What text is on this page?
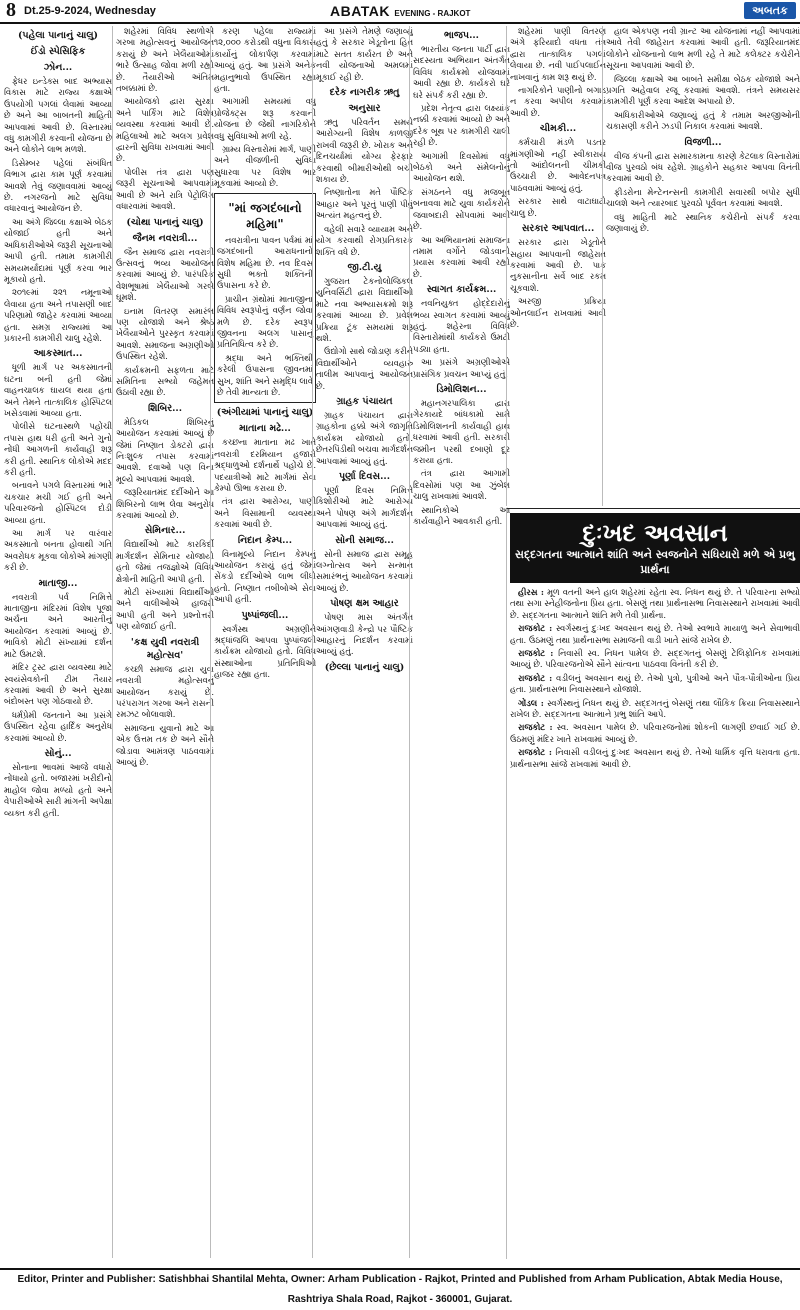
8 Dt.25-9-2024, Wednesday	ABATAK EVENING - RAJKOT	અબતક
(પહેલા પાનાનું ચાલુ)
ઈંડો સ્પેસિફિક
ઝોન...

ફેધર ઇન્ડેક્સ બાદ અભ્યાસ વિકાસ માટે રાજ્ય કક્ષાએ ઉપયોગી પગલાં લેવામાં આવ્યા છે અને આ બાબતની માહિતી આપવામાં આવી છે. વિસ્તારમાં વધુ કામગીરી કરવાની યોજના છે અને લોકોને લાભ મળશે.

ડિસેમ્બર પહેલાં સંબંધિત વિભાગ દ્વારા કામ પૂર્ણ કરવામાં આવશે તેવું જણાવવામાં આવ્યું છે. નગરજનો માટે સુવિધા વધારવાનું આયોજન છે.

આ અંગે જિલ્લા કક્ષાએ બેઠક યોજાઈ હતી અને અધિકારીઓએ જરૂરી સૂચનાઓ આપી હતી. તમામ કામગીરી સમયમર્યાદામાં પૂર્ણ કરવા ભાર મૂકાયો હતો.

૨૦૧૯માં ૨૨૧ નમૂનાઓ લેવાયા હતા અને તપાસણી બાદ પરિણામો જાહેર કરવામાં આવ્યા હતા. સમગ્ર રાજ્યમાં આ પ્રકારની કામગીરી ચાલુ રહેશે.

આકસ્માત...

ધૂળી માર્ગ પર અકસ્માતની ઘટના બની હતી જેમાં વાહનચાલક ઘાયલ થયા હતા અને તેમને તાત્કાલિક હોસ્પિટલ ખસેડવામાં આવ્યા હતા.

પોલીસે ઘટનાસ્થળે પહોંચી તપાસ હાથ ધરી હતી અને ગુનો નોંધી આગળની કાર્યવાહી શરૂ કરી હતી. સ્થાનિક લોકોએ મદદ કરી હતી.

બનાવને પગલે વિસ્તારમાં ભારે ચકચાર મચી ગઈ હતી અને પરિવારજનો હોસ્પિટલ દોડી આવ્યા હતા.

આ માર્ગ પર વારંવાર અકસ્માતો બનતા હોવાથી ગતિ અવરોધક મૂકવા લોકોએ માંગણી કરી છે.

માતાજી...

નવરાત્રી પર્વ નિમિત્તે માતાજીના મંદિરમાં વિશેષ પૂજા અર્ચના અને આરતીનું આયોજન કરવામાં આવ્યું છે. ભાવિકો મોટી સંખ્યામાં દર્શન માટે ઉમટશે.

મંદિર ટ્રસ્ટ દ્વારા વ્યવસ્થા માટે સ્વયંસેવકોની ટીમ તૈયાર કરવામાં આવી છે અને સુરક્ષા બંદોબસ્ત પણ ગોઠવાયો છે.

ધર્મપ્રેમી જનતાને આ પ્રસંગે ઉપસ્થિત રહેવા હાર્દિક અનુરોધ કરવામાં આવ્યો છે.

સોનું...

સોનાના ભાવમાં આજે વધારો નોંધાયો હતો. બજારમાં ખરીદીનો માહોલ જોવા મળ્યો હતો અને વેપારીઓએ સારી માંગની અપેક્ષા વ્યક્ત કરી હતી.

શહેરમાં વિવિધ સ્થળોએ ગરબા મહોત્સવનું આયોજન કરાયું છે અને ખેલૈયાઓમાં ભારે ઉત્સાહ જોવા મળી રહ્યો છે. તૈયારીઓ અંતિમ તબક્કામાં છે.

આયોજકો દ્વારા સુરક્ષા અને પાર્કિંગ માટે વિશેષ વ્યવસ્થા કરવામાં આવી છે. મહિલાઓ માટે અલગ પ્રવેશ દ્વારની સુવિધા રાખવામાં આવી છે.

પોલીસ તંત્ર દ્વારા પણ જરૂરી સૂચનાઓ આપવામાં આવી છે અને રાત્રિ પેટ્રોલિંગ વધારવામાં આવશે.

(ચોથા પાનાનું ચાલુ)
જૈનમ નવરાત્રી...

જૈન સમાજ દ્વારા નવરાત્રી ઉત્સવનું ભવ્ય આયોજન કરવામાં આવ્યું છે. પારંપરિક વેશભૂષામાં ખેલૈયાઓ ગરબે ઘૂમશે.

ઇનામ વિતરણ સમારંભ પણ યોજાશે અને શ્રેષ્ઠ ખેલૈયાઓને પુરસ્કૃત કરવામાં આવશે. સમાજના અગ્રણીઓ ઉપસ્થિત રહેશે.

કાર્યક્રમની સફળતા માટે સમિતિના સભ્યો જહેમત ઉઠાવી રહ્યા છે.

શિબિર...

મેડિકલ શિબિરનું આયોજન કરવામાં આવ્યું છે જેમાં નિષ્ણાત ડોક્ટરો દ્વારા નિઃશુલ્ક તપાસ કરવામાં આવશે. દવાઓ પણ વિના મૂલ્યે આપવામાં આવશે.

જરૂરિયાતમંદ દર્દીઓને આ શિબિરનો લાભ લેવા અનુરોધ કરવામાં આવ્યો છે.

સેમિનાર...

વિદ્યાર્થીઓ માટે કારકિર્દી માર્ગદર્શન સેમિનાર યોજાયો હતો જેમાં તજજ્ઞોએ વિવિધ ક્ષેત્રોની માહિતી આપી હતી.

મોટી સંખ્યામાં વિદ્યાર્થીઓ અને વાલીઓએ હાજરી આપી હતી અને પ્રશ્નોત્તરી પણ યોજાઈ હતી.

'કક્ષ યુવી નવરાત્રી મહોત્સવ'

કચ્છી સમાજ દ્વારા યુવા નવરાત્રી મહોત્સવનું આયોજન કરાયું છે. પરંપરાગત ગરબા અને રાસની રમઝટ બોલાવાશે.

સમાજના યુવાનો માટે આ એક ઉત્તમ તક છે અને સૌને જોડાવા આમંત્રણ પાઠવવામાં આવ્યું છે.

કરણ પહેલા રાજ્યમાં ૧૨,૦૦૦ કરોડથી વધુના વિકાસ કાર્યોનું લોકાર્પણ કરવામાં આવ્યું હતું. આ પ્રસંગે અનેક મહાનુભાવો ઉપસ્થિત રહ્યા હતા.

આગામી સમયમાં વધુ પ્રોજેક્ટ્સ શરૂ કરવાની યોજના છે જેથી નાગરિકોને વધુ સુવિધાઓ મળી રહે.

ગ્રામ્ય વિસ્તારોમાં માર્ગ, પાણી અને વીજળીની સુવિધા સુધારવા પર વિશેષ ભાર મૂકવામાં આવ્યો છે.

"માં જગદંબાનો મહિમા"

નવરાત્રીના પાવન પર્વમાં માં જગદંબાની આરાધનાનો વિશેષ મહિમા છે. નવ દિવસ સુધી ભક્તો શક્તિની ઉપાસના કરે છે.

પ્રાચીન ગ્રંથોમાં માતાજીના વિવિધ સ્વરૂપોનું વર્ણન જોવા મળે છે. દરેક સ્વરૂપ જીવનના અલગ પાસાનું પ્રતિનિધિત્વ કરે છે.

શ્રદ્ધા અને ભક્તિથી કરેલી ઉપાસના જીવનમાં સુખ, શાંતિ અને સમૃદ્ધિ લાવે છે તેવી માન્યતા છે.

(અંગીયામાં પાનાનું ચાલુ)
માતાના મઢે...

કચ્છના માતાના મઢ ખાતે નવરાત્રી દરમિયાન હજારો શ્રદ્ધાળુઓ દર્શનાર્થે પહોંચે છે. પદયાત્રીઓ માટે માર્ગમાં સેવા કેમ્પો ઊભા કરાયા છે.

તંત્ર દ્વારા આરોગ્ય, પાણી અને વિસામાની વ્યવસ્થા કરવામાં આવી છે.

નિદાન કેમ્પ...

વિનામૂલ્યે નિદાન કેમ્પનું આયોજન કરાયું હતું જેમાં સેંકડો દર્દીઓએ લાભ લીધો હતો. નિષ્ણાત તબીબોએ સેવા આપી હતી.

પુષ્પાંજલી...

સ્વર્ગસ્થ અગ્રણીને શ્રદ્ધાંજલિ આપવા પુષ્પાંજલી કાર્યક્રમ યોજાયો હતો. વિવિધ સંસ્થાઓના પ્રતિનિધિઓ હાજર રહ્યા હતા.

આ પ્રસંગે તેમણે જણાવ્યું હતું કે સરકાર ખેડૂતોના હિત માટે સતત કાર્યરત છે અને નવી યોજનાઓ અમલમાં મૂકાઈ રહી છે.

દરેક નાગરીક ઋતુ
અનુસાર

ઋતુ પરિવર્તન સમયે આરોગ્યની વિશેષ કાળજી રાખવી જરૂરી છે. ખોરાક અને દિનચર્યામાં યોગ્ય ફેરફાર કરવાથી બીમારીઓથી બચી શકાય છે.

નિષ્ણાતોના મતે પૌષ્ટિક આહાર અને પૂરતું પાણી પીવું અત્યંત મહત્વનું છે.

વહેલી સવારે વ્યાયામ અને યોગ કરવાથી રોગપ્રતિકારક શક્તિ વધે છે.

જી.ટી.યુ

ગુજરાત ટેકનોલોજિકલ યુનિવર્સિટી દ્વારા વિદ્યાર્થીઓ માટે નવા અભ્યાસક્રમો શરૂ કરવામાં આવ્યા છે. પ્રવેશ પ્રક્રિયા ટૂંક સમયમાં શરૂ થશે.

ઉદ્યોગો સાથે જોડાણ કરીને વિદ્યાર્થીઓને વ્યવહારુ તાલીમ આપવાનું આયોજન છે.

ગ્રાહક પંચાયત

ગ્રાહક પંચાયત દ્વારા ગ્રાહકોના હક્કો અંગે જાગૃતિ કાર્યક્રમ યોજાયો હતો. છેતરપિંડીથી બચવા માર્ગદર્શન આપવામાં આવ્યું હતું.

પૂર્ણા દિવસ...

પૂર્ણા દિવસ નિમિત્તે કિશોરીઓ માટે આરોગ્ય અને પોષણ અંગે માર્ગદર્શન આપવામાં આવ્યું હતું.

સોની સમાજ...

સોની સમાજ દ્વારા સમૂહ લગ્નોત્સવ અને સન્માન સમારંભનું આયોજન કરવામાં આવ્યું છે.

પોષણ ક્ષમ આહાર

પોષણ માસ અંતર્ગત આંગણવાડી કેન્દ્રો પર પૌષ્ટિક આહારનું નિદર્શન કરવામાં આવ્યું હતું.

(છેલ્લા પાનાનું ચાલુ)
ભાજપ...

ભારતીય જનતા પાર્ટી દ્વારા સદસ્યતા અભિયાન અંતર્ગત વિવિધ કાર્યક્રમો યોજવામાં આવી રહ્યા છે. કાર્યકરો ઘરે ઘરે સંપર્ક કરી રહ્યા છે.

પ્રદેશ નેતૃત્વ દ્વારા લક્ષ્યાંક નક્કી કરવામાં આવ્યો છે અને દરેક બૂથ પર કામગીરી ચાલી રહી છે.

આગામી દિવસોમાં વધુ બેઠકો અને સંમેલનોનું આયોજન થશે.

સંગઠનને વધુ મજબૂત બનાવવા માટે યુવા કાર્યકરોને જવાબદારી સોંપવામાં આવી છે.

આ અભિયાનમાં સમાજના તમામ વર્ગોને જોડવાનો પ્રયાસ કરવામાં આવી રહ્યો છે.

સ્વાગત કાર્યક્રમ...

નવનિયુક્ત હોદ્દેદારોનું ભવ્ય સ્વાગત કરવામાં આવ્યું હતું. શહેરના વિવિધ વિસ્તારોમાંથી કાર્યકરો ઉમટી પડ્યા હતા.

આ પ્રસંગે અગ્રણીઓએ પ્રાસંગિક પ્રવચન આપ્યું હતું.

ડિમોલિશન...

મહાનગરપાલિકા દ્વારા ગેરકાયદે બાંધકામો સામે ડિમોલિશનની કાર્યવાહી હાથ ધરવામાં આવી હતી. સરકારી જમીન પરથી દબાણો દૂર કરાયા હતા.

તંત્ર દ્વારા આગામી દિવસોમાં પણ આ ઝુંબેશ ચાલુ રાખવામાં આવશે.

સ્થાનિકોએ આ કાર્યવાહીને આવકારી હતી.

શહેરમાં પાણી વિતરણ અંગે ફરિયાદો વધતા તંત્ર દ્વારા તાત્કાલિક પગલાં લેવાયા છે. નવી પાઈપલાઈન નાખવાનું કામ શરૂ થયું છે.

નાગરિકોને પાણીનો બગાડ ન કરવા અપીલ કરવામાં આવી છે.

ચીમકી...

કર્મચારી મંડળે પડતર માંગણીઓ નહીં સ્વીકારાય તો આંદોલનની ચીમકી ઉચ્ચારી છે. આવેદનપત્ર પાઠવવામાં આવ્યું હતું.

સરકાર સાથે વાટાઘાટો ચાલુ છે.

સરકાર આપવાત...

સરકાર દ્વારા ખેડૂતોને સહાય આપવાની જાહેરાત કરવામાં આવી છે. પાક નુકસાનીના સર્વે બાદ રકમ ચૂકવાશે.

અરજી પ્રક્રિયા ઓનલાઈન રાખવામાં આવી છે.

હાલ એકપણ નવી ગ્રાન્ટ આ યોજનામાં નહીં આપવામાં આવે તેવી જાહેરાત કરવામાં આવી હતી. જરૂરિયાતમંદ લોકોને યોજનાનો લાભ મળી રહે તે માટે કલેક્ટર કચેરીને સૂચના આપવામાં આવી છે.

જિલ્લા કક્ષાએ આ બાબતે સમીક્ષા બેઠક યોજાશે અને પ્રગતિ અહેવાલ રજૂ કરવામાં આવશે. તંત્રને સમયસર કામગીરી પૂર્ણ કરવા આદેશ અપાયો છે.

અધિકારીઓએ જણાવ્યું હતું કે તમામ અરજીઓની ચકાસણી કરીને ઝડપી નિકાલ કરવામાં આવશે.

વિજળી...

વીજ કંપની દ્વારા સમારકામના કારણે કેટલાક વિસ્તારોમાં વીજ પુરવઠો બંધ રહેશે. ગ્રાહકોને સહકાર આપવા વિનંતી કરવામાં આવી છે.

ફીડરોના મેન્ટેનન્સની કામગીરી સવારથી બપોર સુધી ચાલશે અને ત્યારબાદ પુરવઠો પૂર્વવત કરવામાં આવશે.

વધુ માહિતી માટે સ્થાનિક કચેરીનો સંપર્ક કરવા જણાવાયું છે.

દુઃખદ અવસાન
સદ્દગતના આત્માને શાંતિ અને સ્વજનોને સધિયારો મળે એ પ્રભુ પ્રાર્થના

હીરસ : મૂળ વતની અને હાલ શહેરમાં રહેતા સ્વ. નિધન થયું છે. તે પરિવારના સભ્યો તથા સગા સ્નેહીજનોના પ્રિય હતા. બેસણું તથા પ્રાર્થનાસભા નિવાસસ્થાને રાખવામાં આવી છે. સદ્દગતના આત્માને શાંતિ મળે તેવી પ્રાર્થના.

રાજકોટ : સ્વર્ગસ્થનું દુઃખદ અવસાન થયું છે. તેઓ સ્વભાવે માયાળુ અને સેવાભાવી હતા. ઉઠમણું તથા પ્રાર્થનાસભા સમાજની વાડી ખાતે સાંજે રાખેલ છે.

રાજકોટ : નિવાસી સ્વ. નિધન પામેલ છે. સદ્દગતનું બેસણું ટેલિફોનિક રાખવામાં આવ્યું છે. પરિવારજનોએ સૌને સાંત્વના પાઠવવા વિનંતી કરી છે.

રાજકોટ : વડીલનું અવસાન થયું છે. તેઓ પુત્રો, પુત્રીઓ અને પૌત્ર-પૌત્રીઓના પ્રિય હતા. પ્રાર્થનાસભા નિવાસસ્થાને યોજાશે.

ગોંડલ : સ્વર્ગસ્થનું નિધન થયું છે. સદ્દગતનું બેસણું તથા લૌકિક ક્રિયા નિવાસસ્થાને રાખેલ છે. સદ્દગતના આત્માને પ્રભુ શાંતિ આપે.

રાજકોટ : સ્વ. અવસાન પામેલ છે. પરિવારજનોમાં શોકની લાગણી છવાઈ ગઈ છે. ઉઠમણું મંદિર ખાતે રાખવામાં આવ્યું છે.

રાજકોટ : નિવાસી વડીલનું દુઃખદ અવસાન થયું છે. તેઓ ધાર્મિક વૃત્તિ ધરાવતા હતા. પ્રાર્થનાસભા સાંજે રાખવામાં આવી છે.

Editor, Printer and Publisher: Satishbhai Shantilal Mehta, Owner: Arham Publication - Rajkot, Printed and Published from Arham Publication, Abtak Media House, Rashtriya Shala Road, Rajkot - 360001, Gujarat.
